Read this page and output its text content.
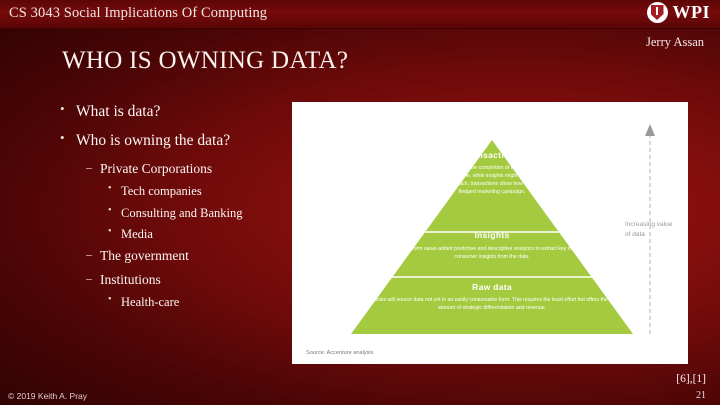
CS 3043 Social Implications Of Computing	WPI
Jerry Assan
WHO IS OWNING DATA?
• What is data?
• Who is owning the data?
– Private Corporations
• Tech companies
• Consulting and Banking
• Media
– The government
– Institutions
• Health-care
Transactions
Transactions drive the completion of end-to-end business processes. For example, while insights might reveal the best target-marketing approach, transactions show how to execute a full-fledged marketing campaign.
Insights
Firms perform value-added predictive and descriptive analytics to extract key market and consumer insights from the data.
Raw data
Companies will source data not yet in an easily consumable form. This requires the least effort but offers the lowest amount of strategic differentiation and revenue.
Increasing value of data
Source: Accenture analysis
[6],[1]
21
© 2019 Keith A. Pray
